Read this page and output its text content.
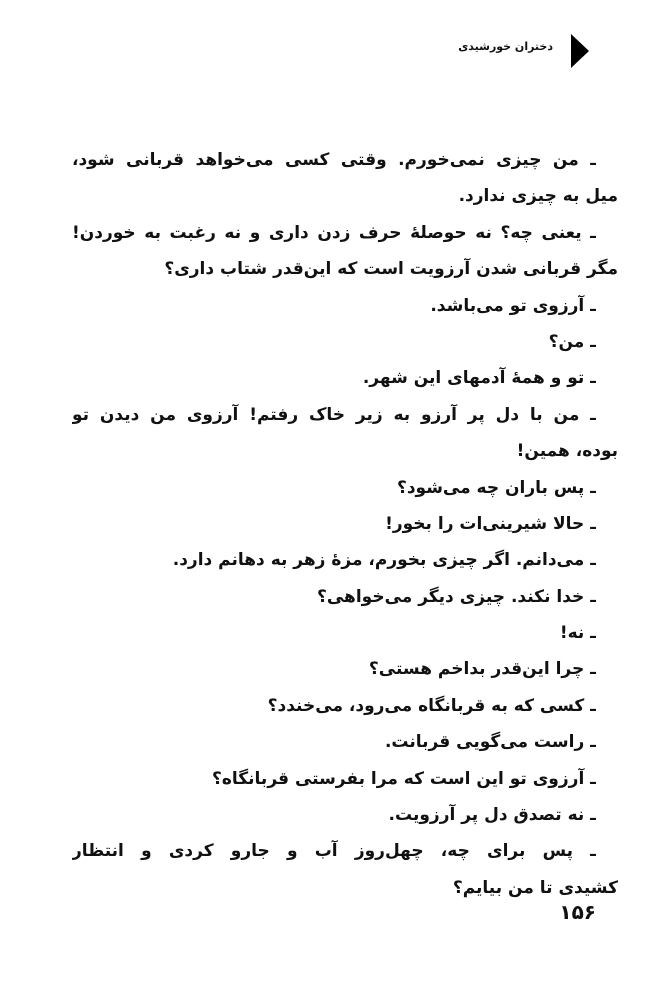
دختران خورشیدی
ـ من چیزی نمی‌خورم. وقتی کسی می‌خواهد قربانی شود،
میل به چیزی ندارد.
ـ یعنی چه؟ نه حوصلهٔ حرف زدن داری و نه رغبت به خوردن!
مگر قربانی شدن آرزویت است که این‌قدر شتاب داری؟
ـ آرزوی تو می‌باشد.
ـ من؟
ـ تو و همهٔ آدمهای این شهر.
ـ من با دل پر آرزو به زیر خاک رفتم! آرزوی من دیدن تو
بوده، همین!
ـ پس باران چه می‌شود؟
ـ حالا شیرینی‌ات را بخور!
ـ می‌دانم. اگر چیزی بخورم، مزهٔ زهر به دهانم دارد.
ـ خدا نکند. چیزی دیگر می‌خواهی؟
ـ نه!
ـ چرا این‌قدر بداخم هستی؟
ـ کسی که به قربانگاه می‌رود، می‌خندد؟
ـ راست می‌گویی قربانت.
ـ آرزوی تو این است که مرا بفرستی قربانگاه؟
ـ نه تصدق دل پر آرزویت.
ـ پس برای چه، چهل‌روز آب و جارو کردی و انتظار
کشیدی تا من بیایم؟
۱۵۶
